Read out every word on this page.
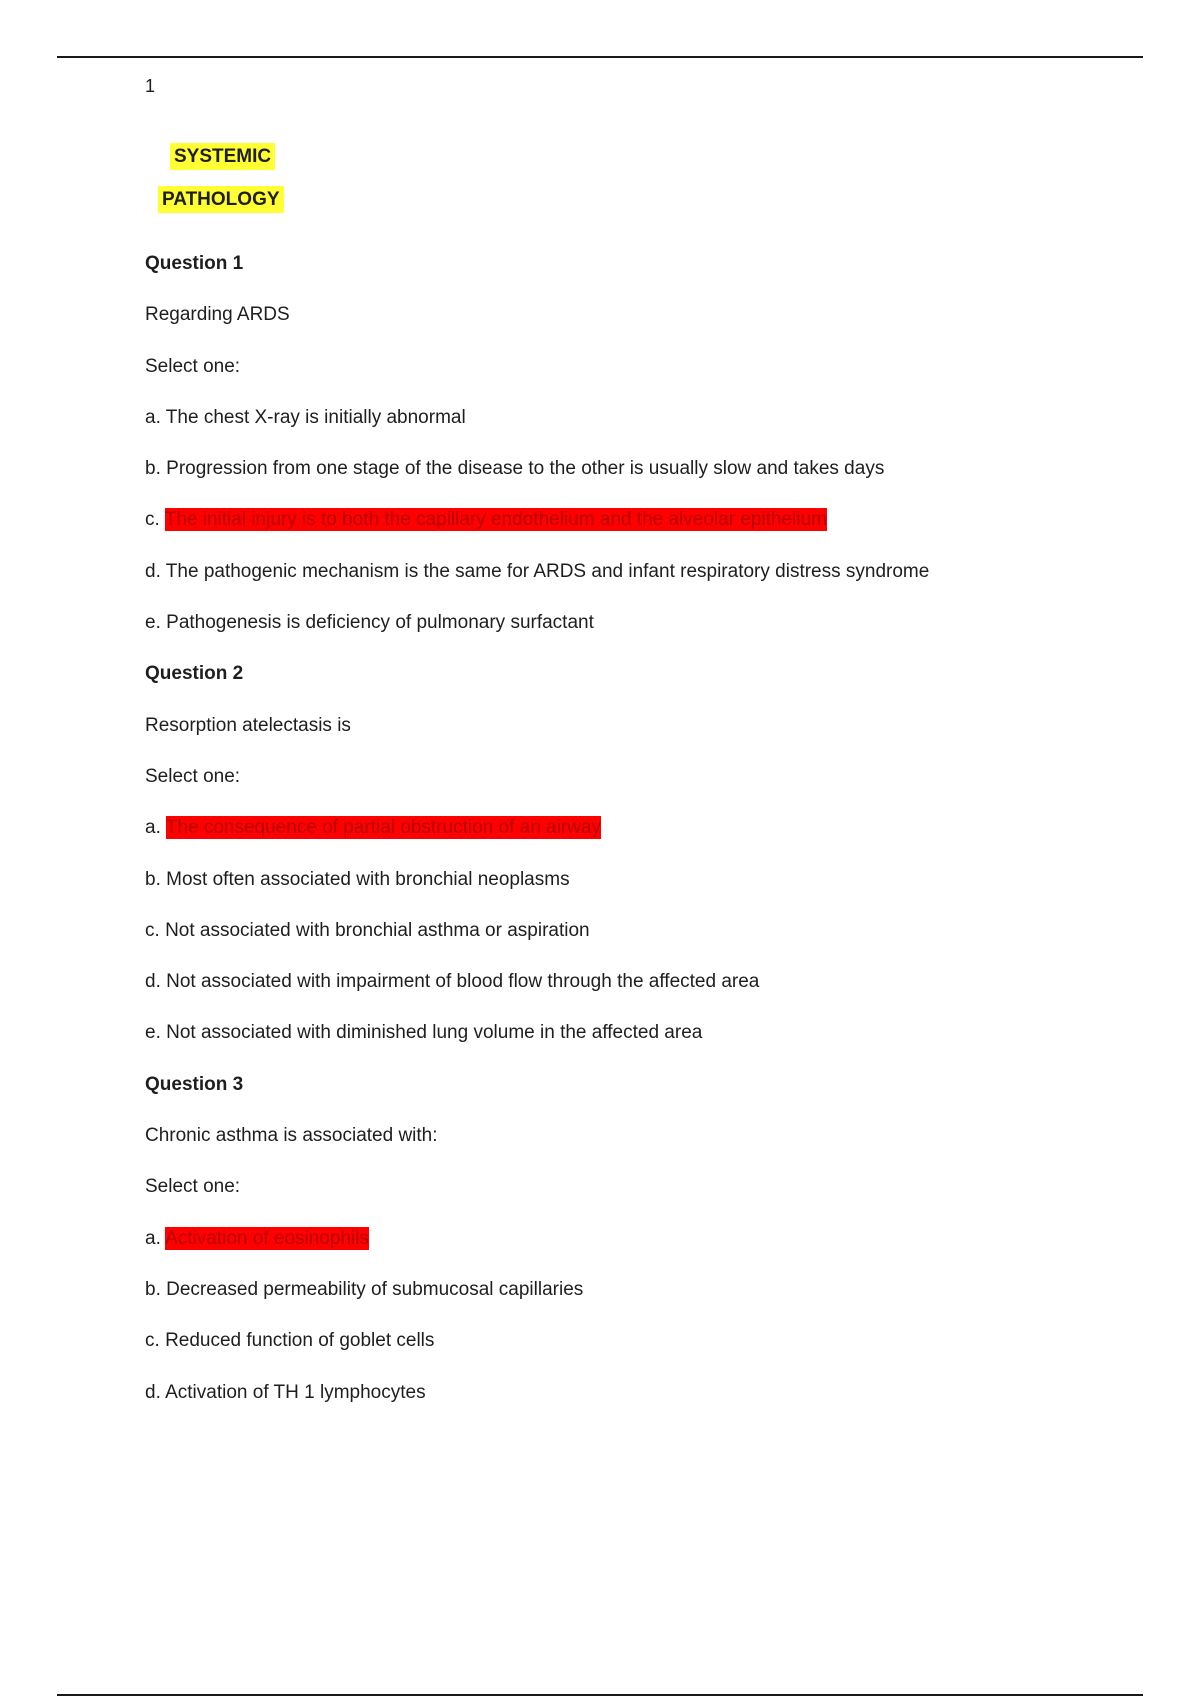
1
SYSTEMIC
PATHOLOGY
Question 1
Regarding ARDS
Select one:
a. The chest X-ray is initially abnormal
b. Progression from one stage of the disease to the other is usually slow and takes days
c. The initial injury is to both the capillary endothelium and the alveolar epithelium
d. The pathogenic mechanism is the same for ARDS and infant respiratory distress syndrome
e. Pathogenesis is deficiency of pulmonary surfactant
Question 2
Resorption atelectasis is
Select one:
a. The consequence of partial obstruction of an airway
b. Most often associated with bronchial neoplasms
c. Not associated with bronchial asthma or aspiration
d. Not associated with impairment of blood flow through the affected area
e. Not associated with diminished lung volume in the affected area
Question 3
Chronic asthma is associated with:
Select one:
a. Activation of eosinophils
b. Decreased permeability of submucosal capillaries
c. Reduced function of goblet cells
d. Activation of TH 1 lymphocytes
